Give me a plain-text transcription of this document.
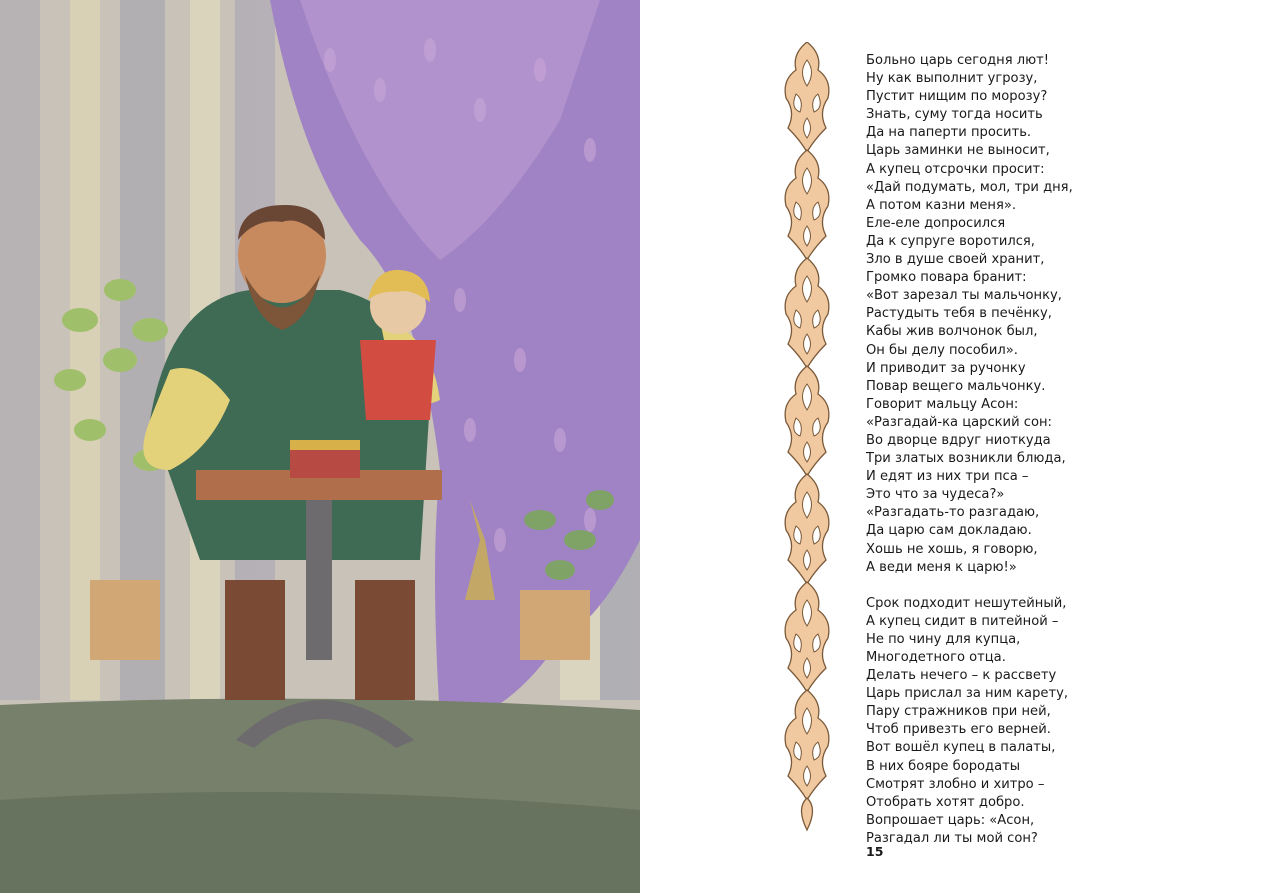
Больно царь сегодня лют!
Ну как выполнит угрозу,
Пустит нищим по морозу?
Знать, суму тогда носить
Да на паперти просить.
Царь заминки не выносит,
А купец отсрочки просит:
«Дай подумать, мол, три дня,
А потом казни меня».
Еле-еле допросился
Да к супруге воротился,
Зло в душе своей хранит,
Громко повара бранит:
«Вот зарезал ты мальчонку,
Растудыть тебя в печёнку,
Кабы жив волчонок был,
Он бы делу пособил».
И приводит за ручонку
Повар вещего мальчонку.
Говорит мальцу Асон:
«Разгадай-ка царский сон:
Во дворце вдруг ниоткуда
Три златых возникли блюда,
И едят из них три пса –
Это что за чудеса?»
«Разгадать-то разгадаю,
Да царю сам докладаю.
Хошь не хошь, я говорю,
А веди меня к царю!»
Срок подходит нешутейный,
А купец сидит в питейной –
Не по чину для купца,
Многодетного отца.
Делать нечего – к рассвету
Царь прислал за ним карету,
Пару стражников при ней,
Чтоб привезть его верней.
Вот вошёл купец в палаты,
В них бояре бородаты
Смотрят злобно и хитро –
Отобрать хотят добро.
Вопрошает царь: «Асон,
Разгадал ли ты мой сон?
15
